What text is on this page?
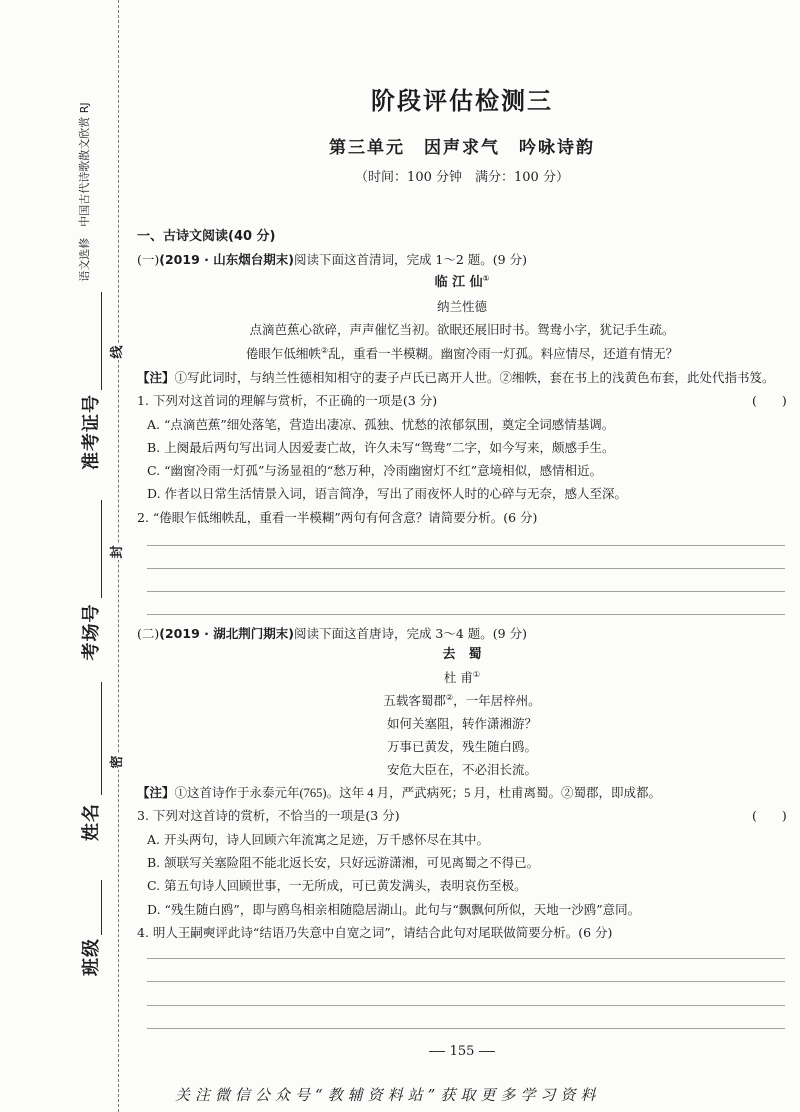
语文选修　中国古代诗歌散文欣赏 RJ
准考证号
考场号
姓名
班级
线
封
密
阶段评估检测三
第三单元　因声求气　吟咏诗韵
（时间：100 分钟　满分：100 分）
一、古诗文阅读(40 分)
(一)(2019 · 山东烟台期末)阅读下面这首清词，完成 1～2 题。(9 分)
临 江 仙①
纳兰性德
点滴芭蕉心欲碎，声声催忆当初。欲眠还展旧时书。鸳鸯小字，犹记手生疏。
倦眼乍低缃帙②乱，重看一半模糊。幽窗冷雨一灯孤。料应情尽，还道有情无？
【注】①写此词时，与纳兰性德相知相守的妻子卢氏已离开人世。②缃帙，套在书上的浅黄色布套，此处代指书笈。
1. 下列对这首词的理解与赏析，不正确的一项是(3 分)	(　　)
A. “点滴芭蕉”细处落笔，营造出凄凉、孤独、忧愁的浓郁氛围，奠定全词感情基调。
B. 上阕最后两句写出词人因爱妻亡故，许久未写“鸳鸯”二字，如今写来，颇感手生。
C. “幽窗冷雨一灯孤”与汤显祖的“愁万种，冷雨幽窗灯不红”意境相似，感情相近。
D. 作者以日常生活情景入词，语言简净，写出了雨夜怀人时的心碎与无奈，感人至深。
2. “倦眼乍低缃帙乱，重看一半模糊”两句有何含意？请简要分析。(6 分)
(二)(2019 · 湖北荆门期末)阅读下面这首唐诗，完成 3～4 题。(9 分)
去　蜀
杜 甫①
五载客蜀郡②，一年居梓州。
如何关塞阻，转作潇湘游？
万事已黄发，残生随白鸥。
安危大臣在，不必泪长流。
【注】①这首诗作于永泰元年(765)。这年 4 月，严武病死；5 月，杜甫离蜀。②蜀郡，即成都。
3. 下列对这首诗的赏析，不恰当的一项是(3 分)	(　　)
A. 开头两句，诗人回顾六年流寓之足迹，万千感怀尽在其中。
B. 颔联写关塞险阻不能北返长安，只好远游潇湘，可见离蜀之不得已。
C. 第五句诗人回顾世事，一无所成，可已黄发满头，表明哀伤至极。
D. “残生随白鸥”，即与鸥鸟相亲相随隐居湖山。此句与“飘飘何所似，天地一沙鸥”意同。
4. 明人王嗣奭评此诗“结语乃失意中自宽之词”，请结合此句对尾联做简要分析。(6 分)
155
关注微信公众号“教辅资料站”获取更多学习资料
